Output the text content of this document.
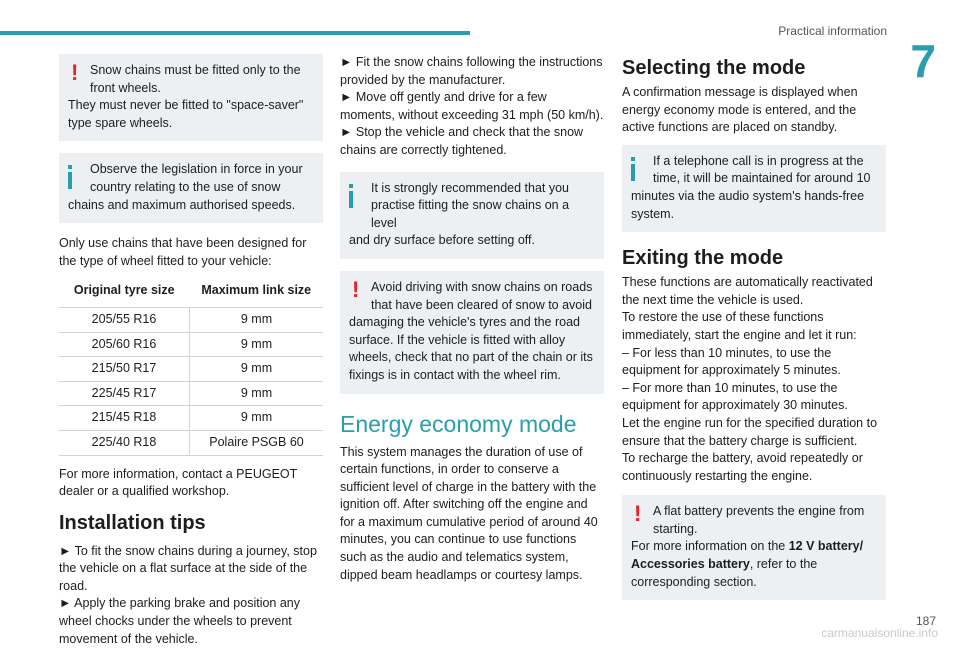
Practical information
7
! Snow chains must be fitted only to the front wheels.
They must never be fitted to "space-saver" type spare wheels.
Observe the legislation in force in your country relating to the use of snow
chains and maximum authorised speeds.

Only use chains that have been designed for the type of wheel fitted to your vehicle:

Original tyre size	Maximum link size
205/55 R16	9 mm
205/60 R16	9 mm
215/50 R17	9 mm
225/45 R17	9 mm
215/45 R18	9 mm
225/40 R18	Polaire PSGB 60

For more information, contact a PEUGEOT dealer or a qualified workshop.

Installation tips

► To fit the snow chains during a journey, stop the vehicle on a flat surface at the side of the road.

► Apply the parking brake and position any wheel chocks under the wheels to prevent movement of the vehicle.

► Fit the snow chains following the instructions provided by the manufacturer.

► Move off gently and drive for a few moments, without exceeding 31 mph (50 km/h).

► Stop the vehicle and check that the snow chains are correctly tightened.

It is strongly recommended that you practise fitting the snow chains on a level
and dry surface before setting off.
! Avoid driving with snow chains on roads that have been cleared of snow to avoid
damaging the vehicle's tyres and the road surface. If the vehicle is fitted with alloy wheels, check that no part of the chain or its fixings is in contact with the wheel rim.
Energy economy mode

This system manages the duration of use of certain functions, in order to conserve a sufficient level of charge in the battery with the ignition off. After switching off the engine and for a maximum cumulative period of around 40 minutes, you can continue to use functions such as the audio and telematics system, dipped beam headlamps or courtesy lamps.

Selecting the mode

A confirmation message is displayed when energy economy mode is entered, and the active functions are placed on standby.

If a telephone call is in progress at the time, it will be maintained for around 10
minutes via the audio system's hands-free system.
Exiting the mode

These functions are automatically reactivated the next time the vehicle is used.

To restore the use of these functions immediately, start the engine and let it run:

– For less than 10 minutes, to use the equipment for approximately 5 minutes.

– For more than 10 minutes, to use the equipment for approximately 30 minutes.

Let the engine run for the specified duration to ensure that the battery charge is sufficient.

To recharge the battery, avoid repeatedly or continuously restarting the engine.

! A flat battery prevents the engine from starting.
For more information on the 12 V battery/ Accessories battery, refer to the corresponding section.
187
carmanualsonline.info
